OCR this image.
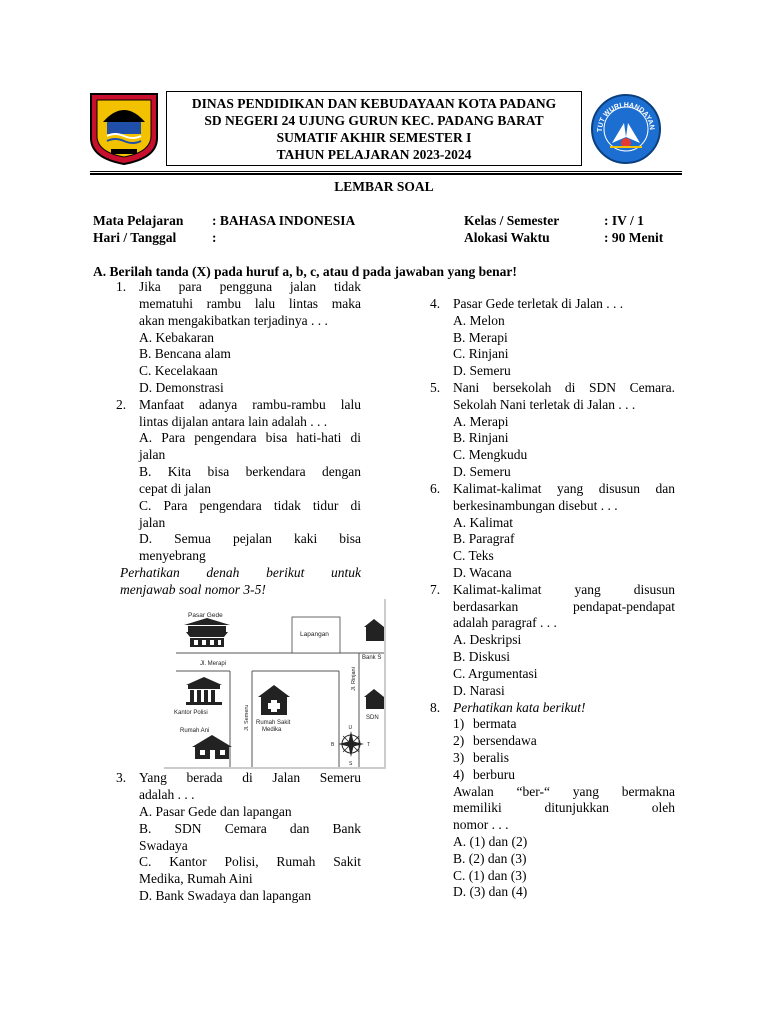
DINAS PENDIDIKAN DAN KEBUDAYAAN KOTA PADANG
SD NEGERI 24 UJUNG GURUN KEC. PADANG BARAT
SUMATIF AKHIR SEMESTER I
TAHUN PELAJARAN 2023-2024
TUT WURI HANDAYAN
LEMBAR SOAL
Mata Pelajaran : BAHASA INDONESIA
Hari / Tanggal	:
Kelas / Semester	: IV / 1
Alokasi Waktu	: 90 Menit
A. Berilah tanda (X) pada huruf a, b, c, atau d pada jawaban yang benar!
1. Jika para pengguna jalan tidak
mematuhi rambu lalu lintas maka
akan mengakibatkan terjadinya . . .
A. Kebakaran
B. Bencana alam
C. Kecelakaan
D. Demonstrasi
2. Manfaat adanya rambu-rambu lalu
lintas dijalan antara lain adalah . . .
A. Para pengendara bisa hati-hati di
jalan
B. Kita bisa berkendara dengan
cepat di jalan
C. Para pengendara tidak tidur di
jalan
D. Semua pejalan kaki bisa
menyebrang
Perhatikan denah berikut untuk
menjawab soal nomor 3-5!
Pasar Gede
Lapangan
Bank S
Jl. Merapi
Jl. Semeru
Jl. Rinjani
Kantor Polisi
Rumah Sakit
Medika
Rumah Ani
SDN
U
S
B	T
3. Yang berada di Jalan Semeru
adalah . . .
A. Pasar Gede dan lapangan
B. SDN Cemara dan Bank
Swadaya
C. Kantor Polisi, Rumah Sakit
Medika, Rumah Aini
D. Bank Swadaya dan lapangan
4. Pasar Gede terletak di Jalan . . .
A. Melon
B. Merapi
C. Rinjani
D. Semeru
5. Nani bersekolah di SDN Cemara.
Sekolah Nani terletak di Jalan . . .
A. Merapi
B. Rinjani
C. Mengkudu
D. Semeru
6. Kalimat-kalimat yang disusun dan
berkesinambungan disebut . . .
A. Kalimat
B. Paragraf
C. Teks
D. Wacana
7. Kalimat-kalimat yang disusun
berdasarkan pendapat-pendapat
adalah paragraf . . .
A. Deskripsi
B. Diskusi
C. Argumentasi
D. Narasi
8. Perhatikan kata berikut!
1) bermata
2) bersendawa
3) beralis
4) berburu
Awalan “ber-“ yang bermakna
memiliki ditunjukkan oleh
nomor . . .
A. (1) dan (2)
B. (2) dan (3)
C. (1) dan (3)
D. (3) dan (4)
